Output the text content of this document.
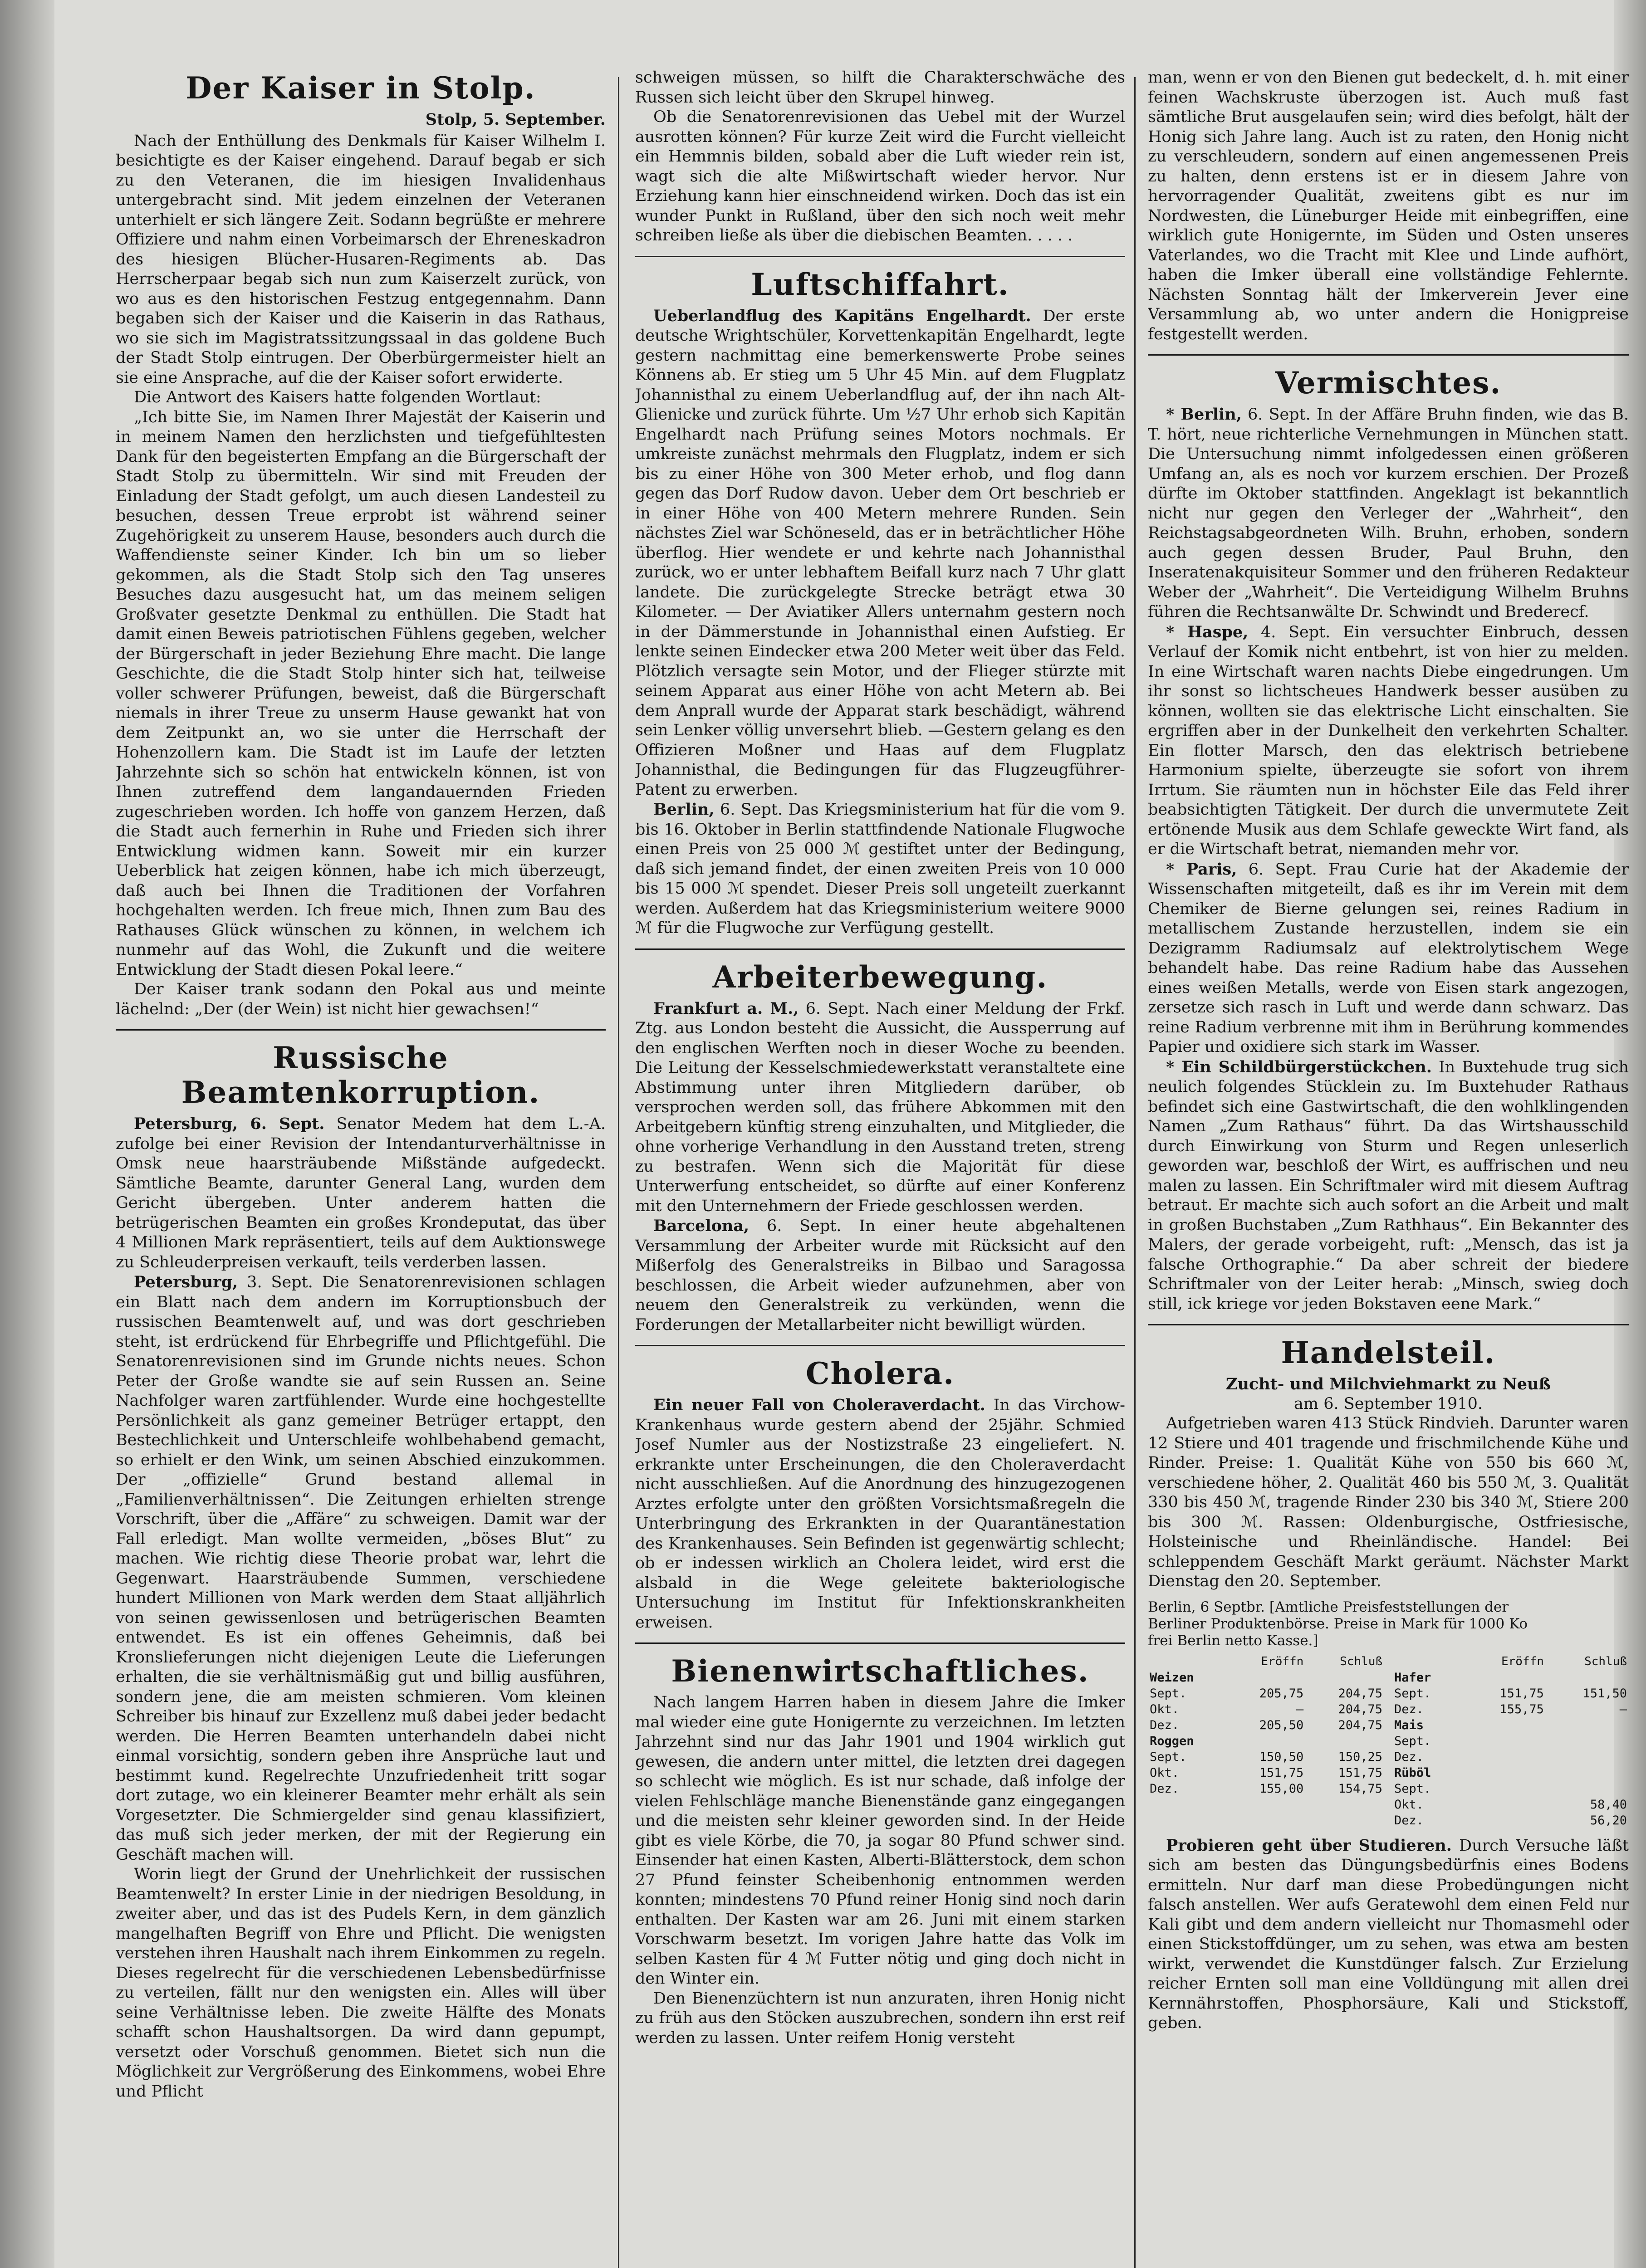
Der Kaiser in Stolp.

Stolp, 5. September.

Nach der Enthüllung des Denkmals für Kaiser Wilhelm I. besichtigte es der Kaiser eingehend. Darauf begab er sich zu den Veteranen, die im hiesigen Invalidenhaus untergebracht sind. Mit jedem einzelnen der Veteranen unterhielt er sich längere Zeit. Sodann begrüßte er mehrere Offiziere und nahm einen Vorbeimarsch der Ehreneskadron des hiesigen Blücher-Husaren-Regiments ab. Das Herrscherpaar begab sich nun zum Kaiserzelt zurück, von wo aus es den historischen Festzug entgegennahm. Dann begaben sich der Kaiser und die Kaiserin in das Rathaus, wo sie sich im Magistratssitzungssaal in das goldene Buch der Stadt Stolp eintrugen. Der Oberbürgermeister hielt an sie eine Ansprache, auf die der Kaiser sofort erwiderte.

Die Antwort des Kaisers hatte folgenden Wortlaut:

„Ich bitte Sie, im Namen Ihrer Majestät der Kaiserin und in meinem Namen den herzlichsten und tiefgefühltesten Dank für den begeisterten Empfang an die Bürgerschaft der Stadt Stolp zu übermitteln. Wir sind mit Freuden der Einladung der Stadt gefolgt, um auch diesen Landesteil zu besuchen, dessen Treue erprobt ist während seiner Zugehörigkeit zu unserem Hause, besonders auch durch die Waffendienste seiner Kinder. Ich bin um so lieber gekommen, als die Stadt Stolp sich den Tag unseres Besuches dazu ausgesucht hat, um das meinem seligen Großvater gesetzte Denkmal zu enthüllen. Die Stadt hat damit einen Beweis patriotischen Fühlens gegeben, welcher der Bürgerschaft in jeder Beziehung Ehre macht. Die lange Geschichte, die die Stadt Stolp hinter sich hat, teilweise voller schwerer Prüfungen, beweist, daß die Bürgerschaft niemals in ihrer Treue zu unserm Hause gewankt hat von dem Zeitpunkt an, wo sie unter die Herrschaft der Hohenzollern kam. Die Stadt ist im Laufe der letzten Jahrzehnte sich so schön hat entwickeln können, ist von Ihnen zutreffend dem langandauernden Frieden zugeschrieben worden. Ich hoffe von ganzem Herzen, daß die Stadt auch fernerhin in Ruhe und Frieden sich ihrer Entwicklung widmen kann. Soweit mir ein kurzer Ueberblick hat zeigen können, habe ich mich überzeugt, daß auch bei Ihnen die Traditionen der Vorfahren hochgehalten werden. Ich freue mich, Ihnen zum Bau des Rathauses Glück wünschen zu können, in welchem ich nunmehr auf das Wohl, die Zukunft und die weitere Entwicklung der Stadt diesen Pokal leere.“

Der Kaiser trank sodann den Pokal aus und meinte lächelnd: „Der (der Wein) ist nicht hier gewachsen!“

Russische Beamtenkorruption.

Petersburg, 6. Sept. Senator Medem hat dem L.-A. zufolge bei einer Revision der Intendanturverhältnisse in Omsk neue haarsträubende Mißstände aufgedeckt. Sämtliche Beamte, darunter General Lang, wurden dem Gericht übergeben. Unter anderem hatten die betrügerischen Beamten ein großes Krondeputat, das über 4 Millionen Mark repräsentiert, teils auf dem Auktionswege zu Schleuderpreisen verkauft, teils verderben lassen.

Petersburg, 3. Sept. Die Senatorenrevisionen schlagen ein Blatt nach dem andern im Korruptionsbuch der russischen Beamtenwelt auf, und was dort geschrieben steht, ist erdrückend für Ehrbegriffe und Pflichtgefühl. Die Senatorenrevisionen sind im Grunde nichts neues. Schon Peter der Große wandte sie auf sein Russen an. Seine Nachfolger waren zartfühlender. Wurde eine hochgestellte Persönlichkeit als ganz gemeiner Betrüger ertappt, den Bestechlichkeit und Unterschleife wohlbehabend gemacht, so erhielt er den Wink, um seinen Abschied einzukommen. Der „offizielle“ Grund bestand allemal in „Familienverhältnissen“. Die Zeitungen erhielten strenge Vorschrift, über die „Affäre“ zu schweigen. Damit war der Fall erledigt. Man wollte vermeiden, „böses Blut“ zu machen. Wie richtig diese Theorie probat war, lehrt die Gegenwart. Haarsträubende Summen, verschiedene hundert Millionen von Mark werden dem Staat alljährlich von seinen gewissenlosen und betrügerischen Beamten entwendet. Es ist ein offenes Geheimnis, daß bei Kronslieferungen nicht diejenigen Leute die Lieferungen erhalten, die sie verhältnismäßig gut und billig ausführen, sondern jene, die am meisten schmieren. Vom kleinen Schreiber bis hinauf zur Exzellenz muß dabei jeder bedacht werden. Die Herren Beamten unterhandeln dabei nicht einmal vorsichtig, sondern geben ihre Ansprüche laut und bestimmt kund. Regelrechte Unzufriedenheit tritt sogar dort zutage, wo ein kleinerer Beamter mehr erhält als sein Vorgesetzter. Die Schmiergelder sind genau klassifiziert, das muß sich jeder merken, der mit der Regierung ein Geschäft machen will.

Worin liegt der Grund der Unehrlichkeit der russischen Beamtenwelt? In erster Linie in der niedrigen Besoldung, in zweiter aber, und das ist des Pudels Kern, in dem gänzlich mangelhaften Begriff von Ehre und Pflicht. Die wenigsten verstehen ihren Haushalt nach ihrem Einkommen zu regeln. Dieses regelrecht für die verschiedenen Lebensbedürfnisse zu verteilen, fällt nur den wenigsten ein. Alles will über seine Verhältnisse leben. Die zweite Hälfte des Monats schafft schon Haushaltsorgen. Da wird dann gepumpt, versetzt oder Vorschuß genommen. Bietet sich nun die Möglichkeit zur Vergrößerung des Einkommens, wobei Ehre und Pflicht

schweigen müssen, so hilft die Charakterschwäche des Russen sich leicht über den Skrupel hinweg.

Ob die Senatorenrevisionen das Uebel mit der Wurzel ausrotten können? Für kurze Zeit wird die Furcht vielleicht ein Hemmnis bilden, sobald aber die Luft wieder rein ist, wagt sich die alte Mißwirtschaft wieder hervor. Nur Erziehung kann hier einschneidend wirken. Doch das ist ein wunder Punkt in Rußland, über den sich noch weit mehr schreiben ließe als über die diebischen Beamten. . . . .

Luftschiffahrt.

Ueberlandflug des Kapitäns Engelhardt. Der erste deutsche Wrightschüler, Korvettenkapitän Engelhardt, legte gestern nachmittag eine bemerkenswerte Probe seines Könnens ab. Er stieg um 5 Uhr 45 Min. auf dem Flugplatz Johannisthal zu einem Ueberlandflug auf, der ihn nach Alt-Glienicke und zurück führte. Um ½7 Uhr erhob sich Kapitän Engelhardt nach Prüfung seines Motors nochmals. Er umkreiste zunächst mehrmals den Flugplatz, indem er sich bis zu einer Höhe von 300 Meter erhob, und flog dann gegen das Dorf Rudow davon. Ueber dem Ort beschrieb er in einer Höhe von 400 Metern mehrere Runden. Sein nächstes Ziel war Schöneseld, das er in beträchtlicher Höhe überflog. Hier wendete er und kehrte nach Johannisthal zurück, wo er unter lebhaftem Beifall kurz nach 7 Uhr glatt landete. Die zurückgelegte Strecke beträgt etwa 30 Kilometer. — Der Aviatiker Allers unternahm gestern noch in der Dämmerstunde in Johannisthal einen Aufstieg. Er lenkte seinen Eindecker etwa 200 Meter weit über das Feld. Plötzlich versagte sein Motor, und der Flieger stürzte mit seinem Apparat aus einer Höhe von acht Metern ab. Bei dem Anprall wurde der Apparat stark beschädigt, während sein Lenker völlig unversehrt blieb. —Gestern gelang es den Offizieren Moßner und Haas auf dem Flugplatz Johannisthal, die Bedingungen für das Flugzeugführer-Patent zu erwerben.

Berlin, 6. Sept. Das Kriegsministerium hat für die vom 9. bis 16. Oktober in Berlin stattfindende Nationale Flugwoche einen Preis von 25 000 ℳ gestiftet unter der Bedingung, daß sich jemand findet, der einen zweiten Preis von 10 000 bis 15 000 ℳ spendet. Dieser Preis soll ungeteilt zuerkannt werden. Außerdem hat das Kriegsministerium weitere 9000 ℳ für die Flugwoche zur Verfügung gestellt.

Arbeiterbewegung.

Frankfurt a. M., 6. Sept. Nach einer Meldung der Frkf. Ztg. aus London besteht die Aussicht, die Aussperrung auf den englischen Werften noch in dieser Woche zu beenden. Die Leitung der Kesselschmiedewerkstatt veranstaltete eine Abstimmung unter ihren Mitgliedern darüber, ob versprochen werden soll, das frühere Abkommen mit den Arbeitgebern künftig streng einzuhalten, und Mitglieder, die ohne vorherige Verhandlung in den Ausstand treten, streng zu bestrafen. Wenn sich die Majorität für diese Unterwerfung entscheidet, so dürfte auf einer Konferenz mit den Unternehmern der Friede geschlossen werden.

Barcelona, 6. Sept. In einer heute abgehaltenen Versammlung der Arbeiter wurde mit Rücksicht auf den Mißerfolg des Generalstreiks in Bilbao und Saragossa beschlossen, die Arbeit wieder aufzunehmen, aber von neuem den Generalstreik zu verkünden, wenn die Forderungen der Metallarbeiter nicht bewilligt würden.

Cholera.

Ein neuer Fall von Choleraverdacht. In das Virchow-Krankenhaus wurde gestern abend der 25jähr. Schmied Josef Numler aus der Nostizstraße 23 eingeliefert. N. erkrankte unter Erscheinungen, die den Choleraverdacht nicht ausschließen. Auf die Anordnung des hinzugezogenen Arztes erfolgte unter den größten Vorsichtsmaßregeln die Unterbringung des Erkrankten in der Quarantänestation des Krankenhauses. Sein Befinden ist gegenwärtig schlecht; ob er indessen wirklich an Cholera leidet, wird erst die alsbald in die Wege geleitete bakteriologische Untersuchung im Institut für Infektionskrankheiten erweisen.

Bienenwirtschaftliches.

Nach langem Harren haben in diesem Jahre die Imker mal wieder eine gute Honigernte zu verzeichnen. Im letzten Jahrzehnt sind nur das Jahr 1901 und 1904 wirklich gut gewesen, die andern unter mittel, die letzten drei dagegen so schlecht wie möglich. Es ist nur schade, daß infolge der vielen Fehlschläge manche Bienenstände ganz eingegangen und die meisten sehr kleiner geworden sind. In der Heide gibt es viele Körbe, die 70, ja sogar 80 Pfund schwer sind. Einsender hat einen Kasten, Alberti-Blätterstock, dem schon 27 Pfund feinster Scheibenhonig entnommen werden konnten; mindestens 70 Pfund reiner Honig sind noch darin enthalten. Der Kasten war am 26. Juni mit einem starken Vorschwarm besetzt. Im vorigen Jahre hatte das Volk im selben Kasten für 4 ℳ Futter nötig und ging doch nicht in den Winter ein.

Den Bienenzüchtern ist nun anzuraten, ihren Honig nicht zu früh aus den Stöcken auszubrechen, sondern ihn erst reif werden zu lassen. Unter reifem Honig versteht

man, wenn er von den Bienen gut bedeckelt, d. h. mit einer feinen Wachskruste überzogen ist. Auch muß fast sämtliche Brut ausgelaufen sein; wird dies befolgt, hält der Honig sich Jahre lang. Auch ist zu raten, den Honig nicht zu verschleudern, sondern auf einen angemessenen Preis zu halten, denn erstens ist er in diesem Jahre von hervorragender Qualität, zweitens gibt es nur im Nordwesten, die Lüneburger Heide mit einbegriffen, eine wirklich gute Honigernte, im Süden und Osten unseres Vaterlandes, wo die Tracht mit Klee und Linde aufhört, haben die Imker überall eine vollständige Fehlernte. Nächsten Sonntag hält der Imkerverein Jever eine Versammlung ab, wo unter andern die Honigpreise festgestellt werden.

Vermischtes.

* Berlin, 6. Sept. In der Affäre Bruhn finden, wie das B. T. hört, neue richterliche Vernehmungen in München statt. Die Untersuchung nimmt infolgedessen einen größeren Umfang an, als es noch vor kurzem erschien. Der Prozeß dürfte im Oktober stattfinden. Angeklagt ist bekanntlich nicht nur gegen den Verleger der „Wahrheit“, den Reichstagsabgeordneten Wilh. Bruhn, erhoben, sondern auch gegen dessen Bruder, Paul Bruhn, den Inseratenakquisiteur Sommer und den früheren Redakteur Weber der „Wahrheit“. Die Verteidigung Wilhelm Bruhns führen die Rechtsanwälte Dr. Schwindt und Brederecf.

* Haspe, 4. Sept. Ein versuchter Einbruch, dessen Verlauf der Komik nicht entbehrt, ist von hier zu melden. In eine Wirtschaft waren nachts Diebe eingedrungen. Um ihr sonst so lichtscheues Handwerk besser ausüben zu können, wollten sie das elektrische Licht einschalten. Sie ergriffen aber in der Dunkelheit den verkehrten Schalter. Ein flotter Marsch, den das elektrisch betriebene Harmonium spielte, überzeugte sie sofort von ihrem Irrtum. Sie räumten nun in höchster Eile das Feld ihrer beabsichtigten Tätigkeit. Der durch die unvermutete Zeit ertönende Musik aus dem Schlafe geweckte Wirt fand, als er die Wirtschaft betrat, niemanden mehr vor.

* Paris, 6. Sept. Frau Curie hat der Akademie der Wissenschaften mitgeteilt, daß es ihr im Verein mit dem Chemiker de Bierne gelungen sei, reines Radium in metallischem Zustande herzustellen, indem sie ein Dezigramm Radiumsalz auf elektrolytischem Wege behandelt habe. Das reine Radium habe das Aussehen eines weißen Metalls, werde von Eisen stark angezogen, zersetze sich rasch in Luft und werde dann schwarz. Das reine Radium verbrenne mit ihm in Berührung kommendes Papier und oxidiere sich stark im Wasser.

* Ein Schildbürgerstückchen. In Buxtehude trug sich neulich folgendes Stücklein zu. Im Buxtehuder Rathaus befindet sich eine Gastwirtschaft, die den wohlklingenden Namen „Zum Rathaus“ führt. Da das Wirtshausschild durch Einwirkung von Sturm und Regen unleserlich geworden war, beschloß der Wirt, es auffrischen und neu malen zu lassen. Ein Schriftmaler wird mit diesem Auftrag betraut. Er machte sich auch sofort an die Arbeit und malt in großen Buchstaben „Zum Rathhaus“. Ein Bekannter des Malers, der gerade vorbeigeht, ruft: „Mensch, das ist ja falsche Orthographie.“ Da aber schreit der biedere Schriftmaler von der Leiter herab: „Minsch, swieg doch still, ick kriege vor jeden Bokstaven eene Mark.“

Handelsteil.

Zucht- und Milchviehmarkt zu Neuß

am 6. September 1910.

Aufgetrieben waren 413 Stück Rindvieh. Darunter waren 12 Stiere und 401 tragende und frischmilchende Kühe und Rinder. Preise: 1. Qualität Kühe von 550 bis 660 ℳ, verschiedene höher, 2. Qualität 460 bis 550 ℳ, 3. Qualität 330 bis 450 ℳ, tragende Rinder 230 bis 340 ℳ, Stiere 200 bis 300 ℳ. Rassen: Oldenburgische, Ostfriesische, Holsteinische und Rheinländische. Handel: Bei schleppendem Geschäft Markt geräumt. Nächster Markt Dienstag den 20. September.

Berlin, 6 Septbr. [Amtliche Preisfeststellungen der
Berliner Produktenbörse. Preise in Mark für 1000 Ko
frei Berlin netto Kasse.]
	Eröffn	Schluß
Weizen		
Sept.	205,75	204,75
Okt.	—	204,75
Dez.	205,50	204,75

Roggen		
Sept.	150,50	150,25
Okt.	151,75	151,75
Dez.	155,00	154,75
	Eröffn	Schluß
Hafer		
Sept.	151,75	151,50
Dez.	155,75	—
Mais		
Sept.		
Dez.		
Rüböl		
Sept.		
Okt.		58,40
Dez.		56,20

Probieren geht über Studieren. Durch Versuche läßt sich am besten das Düngungsbedürfnis eines Bodens ermitteln. Nur darf man diese Probedüngungen nicht falsch anstellen. Wer aufs Geratewohl dem einen Feld nur Kali gibt und dem andern vielleicht nur Thomasmehl oder einen Stickstoffdünger, um zu sehen, was etwa am besten wirkt, verwendet die Kunstdünger falsch. Zur Erzielung reicher Ernten soll man eine Volldüngung mit allen drei Kernnährstoffen, Phosphorsäure, Kali und Stickstoff, geben.
